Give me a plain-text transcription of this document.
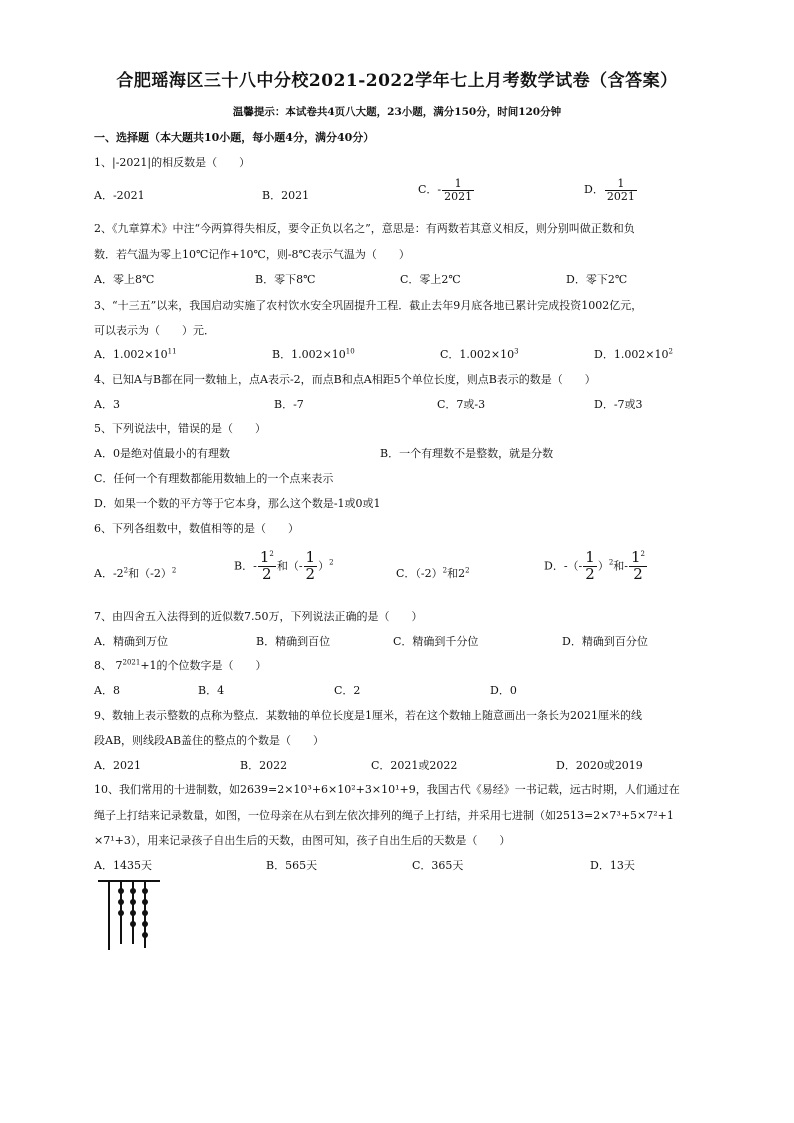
合肥瑶海区三十八中分校2021-2022学年七上月考数学试卷（含答案）
温馨提示：本试卷共4页八大题，23小题，满分150分，时间120分钟
一、选择题（本大题共10小题，每小题4分，满分40分）
1、|-2021|的相反数是（　　）
A．-2021	B．2021	C．- $\frac{1}{2021}$	D． $\frac{1}{2021}$
2、《九章算术》中注“今两算得失相反，要令正负以名之”，意思是：有两数若其意义相反，则分别叫做正数和负
数．若气温为零上10℃记作+10℃，则-8℃表示气温为（　　）
A．零上8℃	B．零下8℃	C．零上2℃	D．零下2℃
3、“十三五”以来，我国启动实施了农村饮水安全巩固提升工程．截止去年9月底各地已累计完成投资1002亿元，
可以表示为（　　）元．
A．$1.002\times 10^{11}$	B．$1.002\times 10^{10}$	C．$1.002\times 10^3$	D．$1.002\times 10^2$
4、已知A与B都在同一数轴上，点A表示-2，而点B和点A相距5个单位长度，则点B表示的数是（　　）
A．3	B．-7	C．7或-3	D．-7或3
5、下列说法中，错误的是（　　）
A．0是绝对值最小的有理数	B．一个有理数不是整数，就是分数
C．任何一个有理数都能用数轴上的一个点来表示
D．如果一个数的平方等于它本身，那么这个数是-1或0或1
6、下列各组数中，数值相等的是（　　）
A．$-2^2$和$(-2)^2$	B．- $\frac{1^2}{2}$ 和（- $\frac{1}{2} )^2$
C．$(-2)^2$和$2^2$	D．-（- $\frac{1}{2} )^2$和- $\frac{1^2}{2}$
7、由四舍五入法得到的近似数7.50万，下列说法正确的是（　　）
A．精确到万位	B．精确到百位	C．精确到千分位	D．精确到百分位
8、 $7^{2021}+1$的个位数字是（　　）
A．8	B．4	C．2	D．0
9、数轴上表示整数的点称为整点．某数轴的单位长度是1厘米，若在这个数轴上随意画出一条长为2021厘米的线
段AB，则线段AB盖住的整点的个数是（　　）
A．2021	B．2022	C．2021或2022	D．2020或2019
10、我们常用的十进制数，如2639=2×10³+6×10²+3×10¹+9，我国古代《易经》一书记载，远古时期，人们通过在
绳子上打结来记录数量，如图，一位母亲在从右到左依次排列的绳子上打结，并采用七进制（如2513=2×7³+5×7²+1
×7¹+3），用来记录孩子自出生后的天数，由图可知，孩子自出生后的天数是（　　）
A．1435天	B．565天	C．365天	D．13天
